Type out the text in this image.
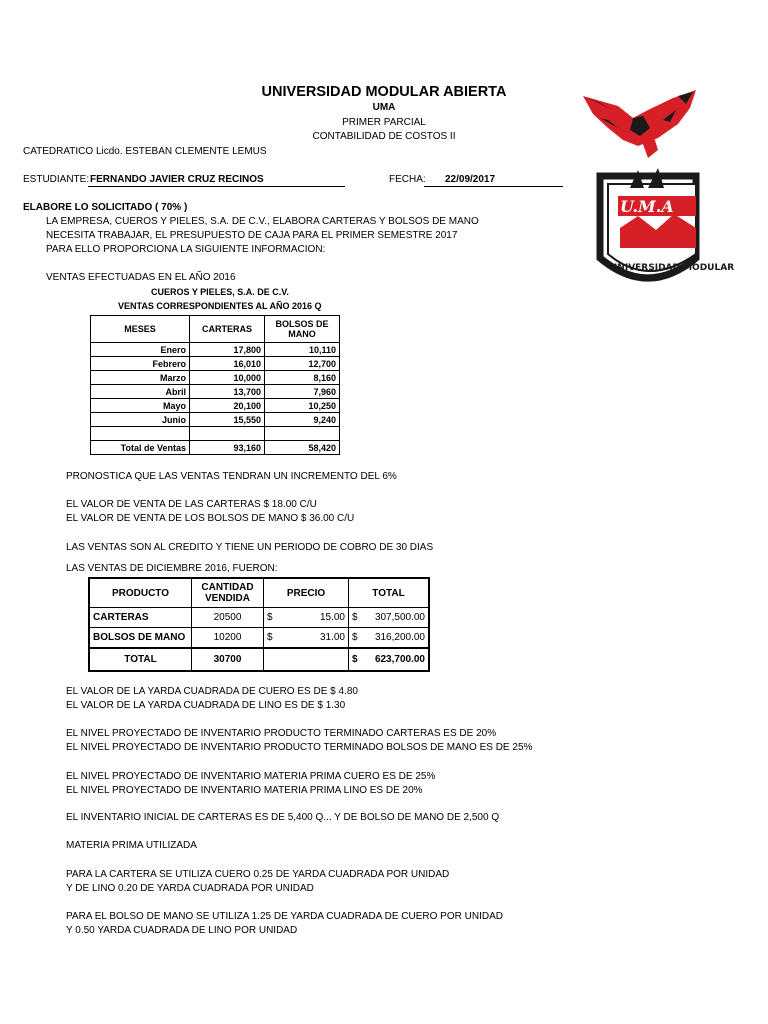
UNIVERSIDAD MODULAR ABIERTA
UMA
PRIMER PARCIAL
CONTABILIDAD DE COSTOS II
U.M.A
UNIVERSIDAD MODULAR
CATEDRATICO Licdo. ESTEBAN CLEMENTE LEMUS
ESTUDIANTE: FERNANDO JAVIER CRUZ RECINOS	FECHA: 22/09/2017
ELABORE LO SOLICITADO ( 70% )
LA EMPRESA, CUEROS Y PIELES, S.A. DE C.V., ELABORA CARTERAS Y BOLSOS DE MANO
NECESITA TRABAJAR, EL PRESUPUESTO DE CAJA PARA EL PRIMER SEMESTRE 2017
PARA ELLO PROPORCIONA LA SIGUIENTE INFORMACION:
VENTAS EFECTUADAS EN EL AÑO 2016
CUEROS Y PIELES, S.A. DE C.V.
VENTAS CORRESPONDIENTES AL AÑO 2016 Q
MESES	CARTERAS	BOLSOS DE MANO
Enero	17,800	10,110
Febrero	16,010	12,700
Marzo	10,000	8,160
Abril	13,700	7,960
Mayo	20,100	10,250
Junio	15,550	9,240

Total de Ventas	93,160	58,420
PRONOSTICA QUE LAS VENTAS TENDRAN UN INCREMENTO DEL 6%
EL VALOR DE VENTA DE LAS CARTERAS $ 18.00 C/U
EL VALOR DE VENTA DE LOS BOLSOS DE MANO $ 36.00 C/U
LAS VENTAS SON AL CREDITO Y TIENE UN PERIODO DE COBRO DE 30 DIAS
LAS VENTAS DE DICIEMBRE 2016, FUERON:
PRODUCTO	CANTIDAD VENDIDA	PRECIO		TOTAL	
CARTERAS	20500	$	15.00	$	307,500.00
BOLSOS DE MANO	10200	$	31.00	$	316,200.00
TOTAL	30700			$	623,700.00
EL VALOR DE LA YARDA CUADRADA DE CUERO ES DE $ 4.80
EL VALOR DE LA YARDA CUADRADA DE LINO ES DE $ 1.30
EL NIVEL PROYECTADO DE INVENTARIO PRODUCTO TERMINADO CARTERAS ES DE 20%
EL NIVEL PROYECTADO DE INVENTARIO PRODUCTO TERMINADO BOLSOS DE MANO ES DE 25%
EL NIVEL PROYECTADO DE INVENTARIO MATERIA PRIMA CUERO ES DE 25%
EL NIVEL PROYECTADO DE INVENTARIO MATERIA PRIMA LINO ES DE 20%
EL INVENTARIO INICIAL DE CARTERAS ES DE 5,400 Q... Y DE BOLSO DE MANO DE 2,500 Q
MATERIA PRIMA UTILIZADA
PARA LA CARTERA SE UTILIZA CUERO 0.25 DE YARDA CUADRADA POR UNIDAD
Y DE LINO 0.20 DE YARDA CUADRADA POR UNIDAD
PARA EL BOLSO DE MANO SE UTILIZA 1.25 DE YARDA CUADRADA DE CUERO POR UNIDAD
Y 0.50 YARDA CUADRADA DE LINO POR UNIDAD
